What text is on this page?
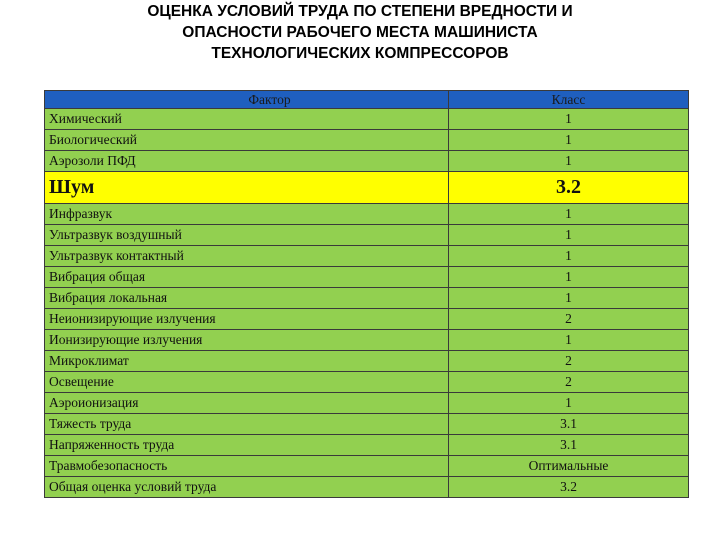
ОЦЕНКА УСЛОВИЙ ТРУДА ПО СТЕПЕНИ ВРЕДНОСТИ И
ОПАСНОСТИ РАБОЧЕГО МЕСТА МАШИНИСТА
ТЕХНОЛОГИЧЕСКИХ КОМПРЕССОРОВ
Фактор	Класс
Химический	1
Биологический	1
Аэрозоли ПФД	1
Шум	3.2
Инфразвук	1
Ультразвук воздушный	1
Ультразвук контактный	1
Вибрация общая	1
Вибрация локальная	1
Неионизирующие излучения	2
Ионизирующие излучения	1
Микроклимат	2
Освещение	2
Аэроионизация	1
Тяжесть труда	3.1
Напряженность труда	3.1
Травмобезопасность	Оптимальные
Общая оценка условий труда	3.2
